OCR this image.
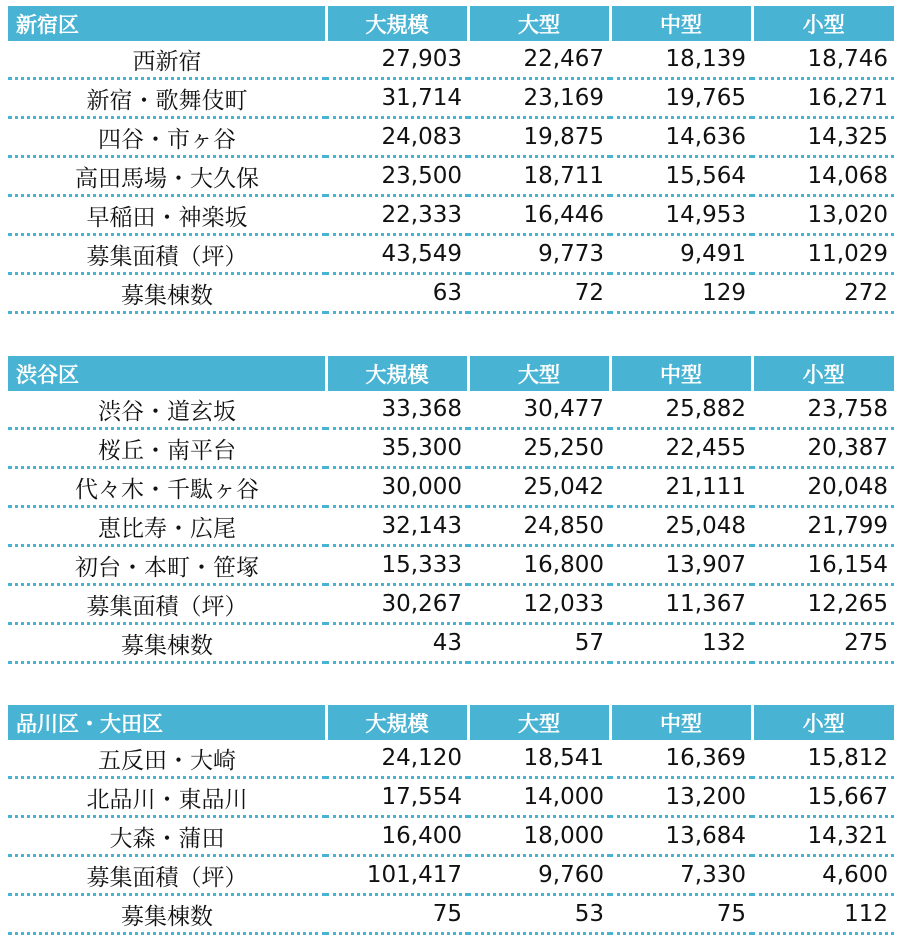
新宿区	大規模	大型	中型	小型
西新宿	27,903	22,467	18,139	18,746
新宿・歌舞伎町	31,714	23,169	19,765	16,271
四谷・市ヶ谷	24,083	19,875	14,636	14,325
高田馬場・大久保	23,500	18,711	15,564	14,068
早稲田・神楽坂	22,333	16,446	14,953	13,020
募集面積（坪）	43,549	9,773	9,491	11,029
募集棟数	63	72	129	272
渋谷区	大規模	大型	中型	小型
渋谷・道玄坂	33,368	30,477	25,882	23,758
桜丘・南平台	35,300	25,250	22,455	20,387
代々木・千駄ヶ谷	30,000	25,042	21,111	20,048
恵比寿・広尾	32,143	24,850	25,048	21,799
初台・本町・笹塚	15,333	16,800	13,907	16,154
募集面積（坪）	30,267	12,033	11,367	12,265
募集棟数	43	57	132	275
品川区・大田区	大規模	大型	中型	小型
五反田・大崎	24,120	18,541	16,369	15,812
北品川・東品川	17,554	14,000	13,200	15,667
大森・蒲田	16,400	18,000	13,684	14,321
募集面積（坪）	101,417	9,760	7,330	4,600
募集棟数	75	53	75	112
